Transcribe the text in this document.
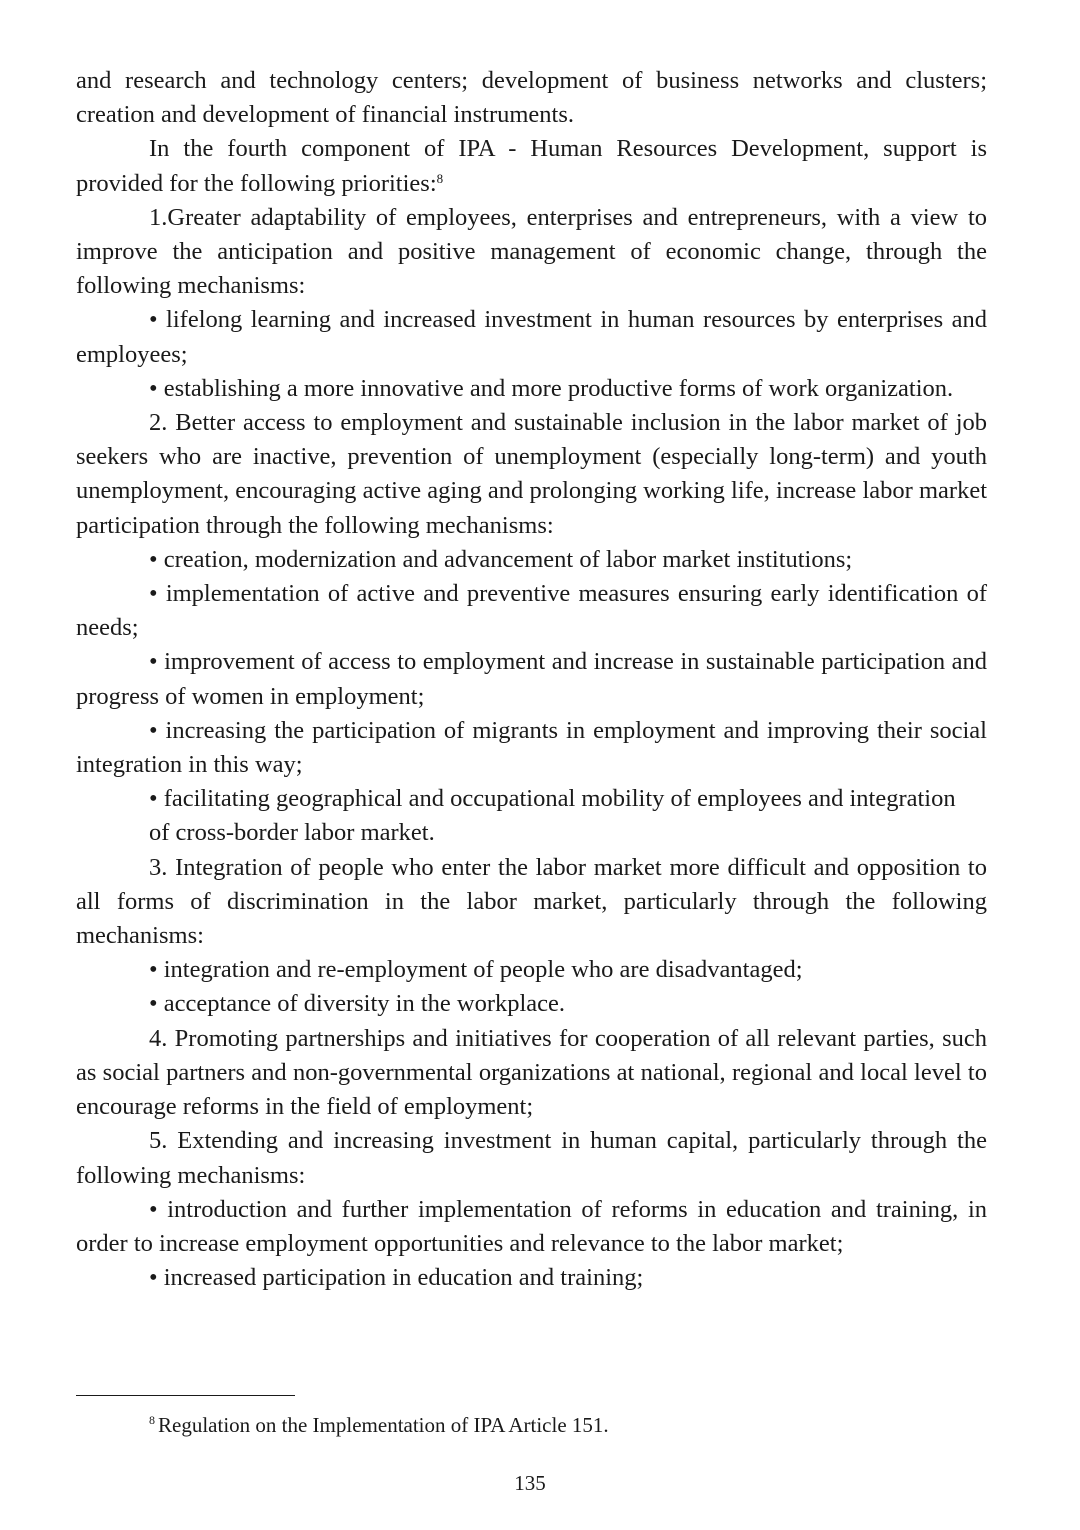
and research and technology centers; development of business networks and clusters; creation and development of financial instruments.

In the fourth component of IPA - Human Resources Development, support is provided for the following priorities:$^8$

1.Greater adaptability of employees, enterprises and entrepreneurs, with a view to improve the anticipation and positive management of economic change, through the following mechanisms:

• lifelong learning and increased investment in human resources by enterprises and employees;

• establishing a more innovative and more productive forms of work organization.

2. Better access to employment and sustainable inclusion in the labor market of job seekers who are inactive, prevention of unemployment (especially long-term) and youth unemployment, encouraging active aging and prolonging working life, increase labor market participation through the following mechanisms:

• creation, modernization and advancement of labor market institutions;

• implementation of active and preventive measures ensuring early identification of needs;

• improvement of access to employment and increase in sustainable participation and progress of women in employment;

• increasing the participation of migrants in employment and improving their social integration in this way;

• facilitating geographical and occupational mobility of employees and integration

of cross-border labor market.

3. Integration of people who enter the labor market more difficult and opposition to all forms of discrimination in the labor market, particularly through the following mechanisms:

• integration and re-employment of people who are disadvantaged;

• acceptance of diversity in the workplace.

4. Promoting partnerships and initiatives for cooperation of all relevant parties, such as social partners and non-governmental organizations at national, regional and local level to encourage reforms in the field of employment;

5. Extending and increasing investment in human capital, particularly through the following mechanisms:

• introduction and further implementation of reforms in education and training, in order to increase employment opportunities and relevance to the labor market;

• increased participation in education and training;

$^8$ Regulation on the Implementation of IPA Article 151.

135
